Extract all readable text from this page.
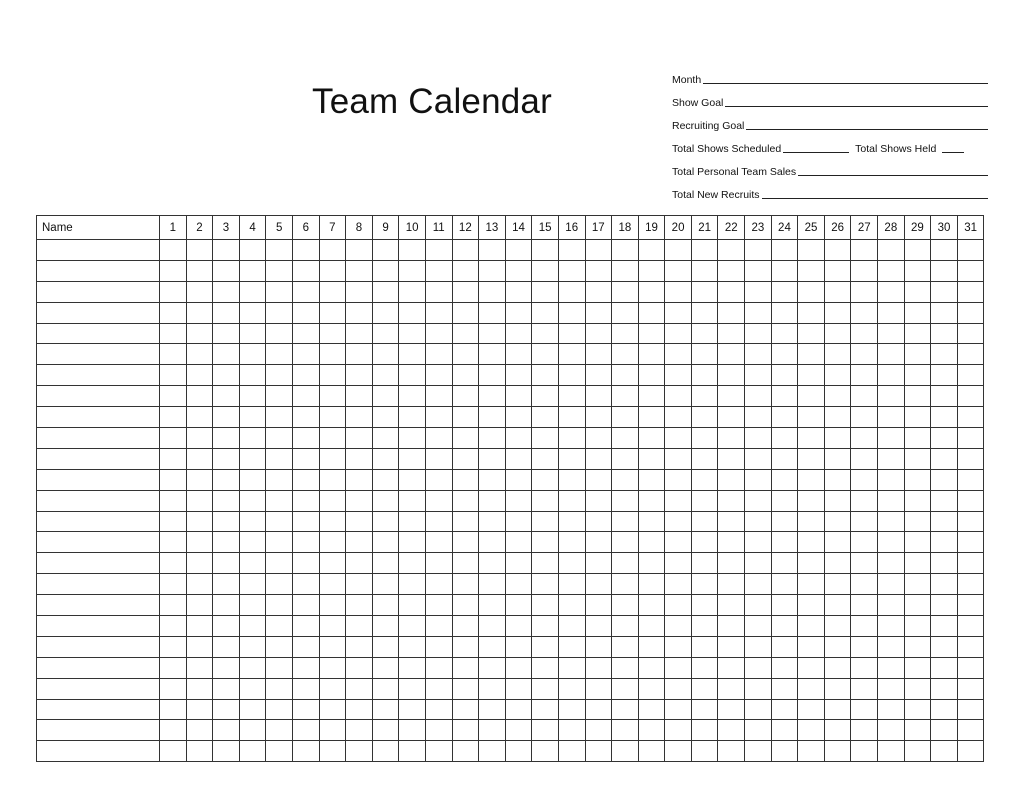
Team Calendar
Month
Show Goal
Recruiting Goal
Total Shows Scheduled	Total Shows Held
Total Personal Team Sales
Total New Recruits
Name	1	2	3	4	5	6	7	8	9	10	11	12	13	14	15	16	17	18	19	20	21	22	23	24	25	26	27	28	29	30	31
